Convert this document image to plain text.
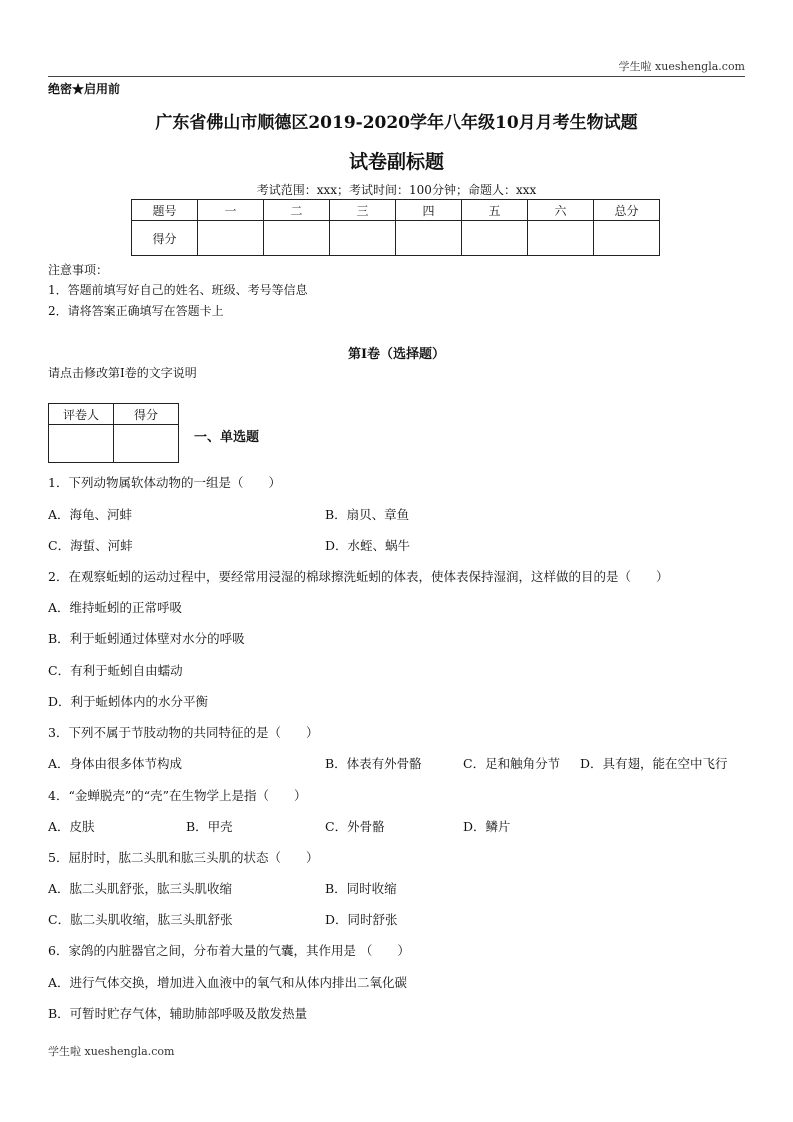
学生啦 xueshengla.com
绝密★启用前
广东省佛山市顺德区2019-2020学年八年级10月月考生物试题
试卷副标题
考试范围：xxx；考试时间：100分钟；命题人：xxx
题号	一	二	三	四	五	六	总分
得分							
注意事项：
1．答题前填写好自己的姓名、班级、考号等信息
2．请将答案正确填写在答题卡上
第I卷（选择题）
请点击修改第I卷的文字说明
评卷人	得分

一、单选题
1．下列动物属软体动物的一组是（　　）
A．海龟、河蚌	B．扇贝、章鱼
C．海蜇、河蚌	D．水蛭、蜗牛
2．在观察蚯蚓的运动过程中，要经常用浸湿的棉球擦洗蚯蚓的体表，使体表保持湿润，这样做的目的是（　　）
A．维持蚯蚓的正常呼吸
B．利于蚯蚓通过体壁对水分的呼吸
C．有利于蚯蚓自由蠕动
D．利于蚯蚓体内的水分平衡
3．下列不属于节肢动物的共同特征的是（　　）
A．身体由很多体节构成	B．体表有外骨骼	C．足和触角分节 D．具有翅，能在空中飞行
4．“金蝉脱壳”的“壳”在生物学上是指（　　）
A．皮肤	B．甲壳	C．外骨骼	D．鳞片
5．屈肘时，肱二头肌和肱三头肌的状态（　　）
A．肱二头肌舒张，肱三头肌收缩	B．同时收缩
C．肱二头肌收缩，肱三头肌舒张	D．同时舒张
6．家鸽的内脏器官之间，分布着大量的气囊，其作用是 （　　）
A．进行气体交换，增加进入血液中的氧气和从体内排出二氧化碳
B．可暂时贮存气体，辅助肺部呼吸及散发热量
学生啦 xueshengla.com
